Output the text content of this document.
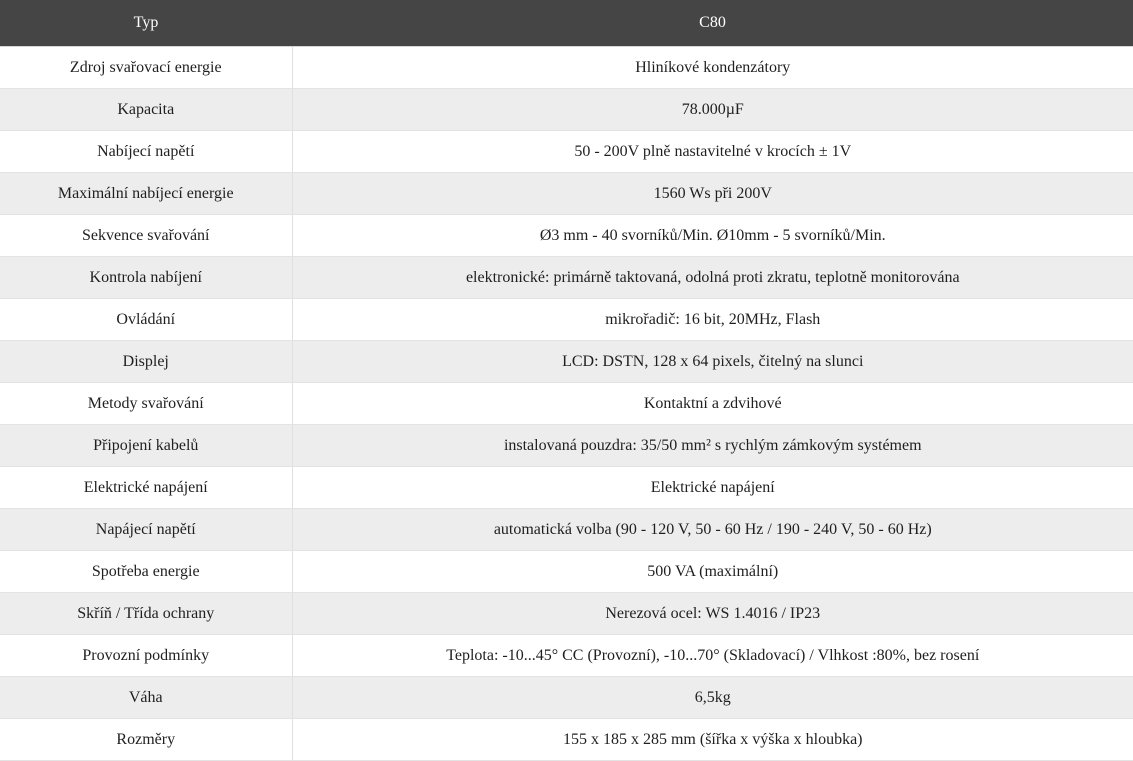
Typ	C80
Zdroj svařovací energie	Hliníkové kondenzátory
Kapacita	78.000µF
Nabíjecí napětí	50 - 200V plně nastavitelné v krocích ± 1V
Maximální nabíjecí energie	1560 Ws při 200V
Sekvence svařování	Ø3 mm - 40 svorníků/Min. Ø10mm - 5 svorníků/Min.
Kontrola nabíjení	elektronické: primárně taktovaná, odolná proti zkratu, teplotně monitorována
Ovládání	mikrořadič: 16 bit, 20MHz, Flash
Displej	LCD: DSTN, 128 x 64 pixels, čitelný na slunci
Metody svařování	Kontaktní a zdvihové
Připojení kabelů	instalovaná pouzdra: 35/50 mm² s rychlým zámkovým systémem
Elektrické napájení	Elektrické napájení
Napájecí napětí	automatická volba (90 - 120 V, 50 - 60 Hz / 190 - 240 V, 50 - 60 Hz)
Spotřeba energie	500 VA (maximální)
Skříň / Třída ochrany	Nerezová ocel: WS 1.4016 / IP23
Provozní podmínky	Teplota: -10...45° CC (Provozní), -10...70° (Skladovací) / Vlhkost :80%, bez rosení
Váha	6,5kg
Rozměry	155 x 185 x 285 mm (šířka x výška x hloubka)
